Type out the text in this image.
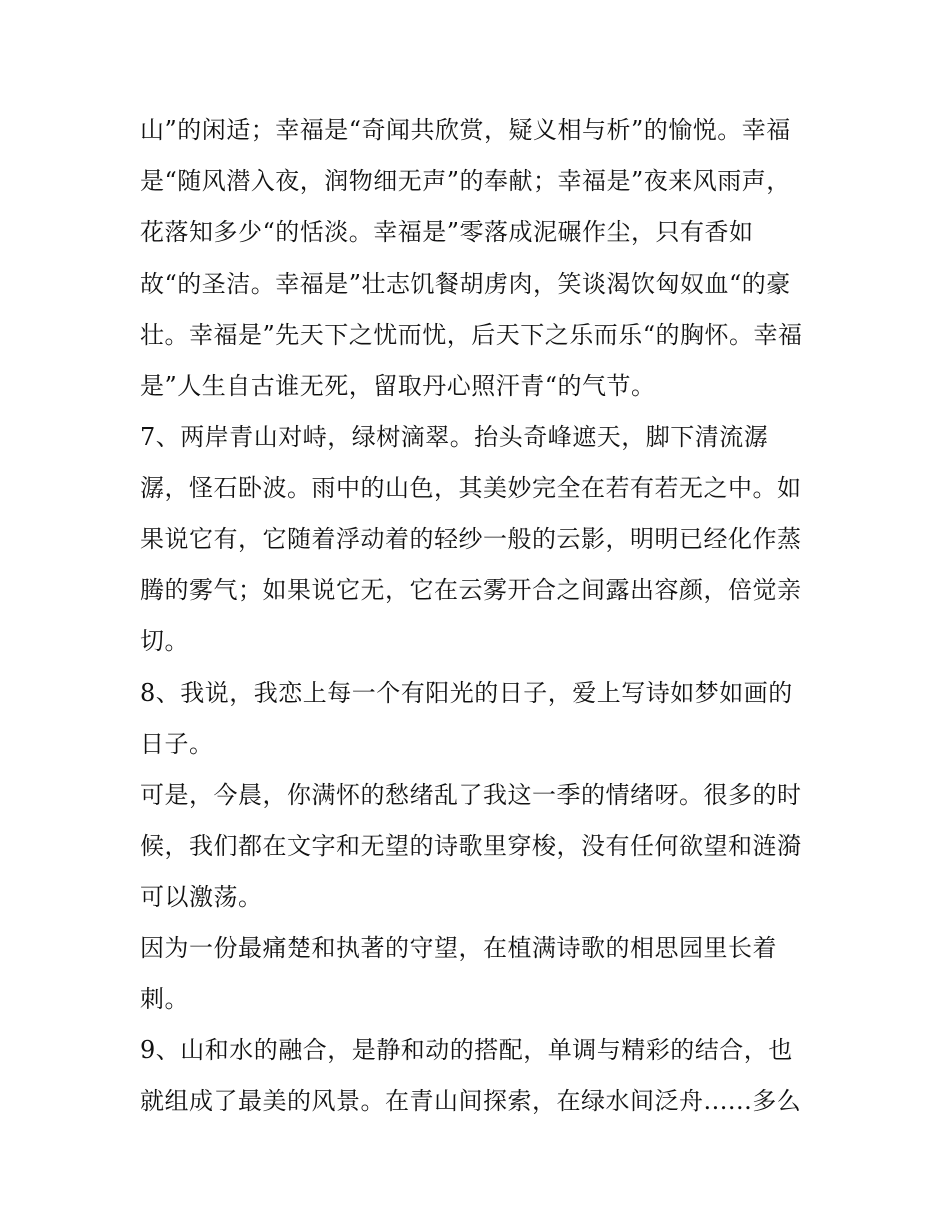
山”的闲适；幸福是“奇闻共欣赏，疑义相与析”的愉悦。幸福
是“随风潜入夜，润物细无声”的奉献；幸福是”夜来风雨声，
花落知多少“的恬淡。幸福是”零落成泥碾作尘，只有香如
故“的圣洁。幸福是”壮志饥餐胡虏肉，笑谈渴饮匈奴血“的豪
壮。幸福是”先天下之忧而忧，后天下之乐而乐“的胸怀。幸福
是”人生自古谁无死，留取丹心照汗青“的气节。
7、两岸青山对峙，绿树滴翠。抬头奇峰遮天，脚下清流潺
潺，怪石卧波。雨中的山色，其美妙完全在若有若无之中。如
果说它有，它随着浮动着的轻纱一般的云影，明明已经化作蒸
腾的雾气；如果说它无，它在云雾开合之间露出容颜，倍觉亲
切。
8、我说，我恋上每一个有阳光的日子，爱上写诗如梦如画的
日子。
可是，今晨，你满怀的愁绪乱了我这一季的情绪呀。很多的时
候，我们都在文字和无望的诗歌里穿梭，没有任何欲望和涟漪
可以激荡。
因为一份最痛楚和执著的守望，在植满诗歌的相思园里长着
刺。
9、山和水的融合，是静和动的搭配，单调与精彩的结合，也
就组成了最美的风景。在青山间探索，在绿水间泛舟......多么
